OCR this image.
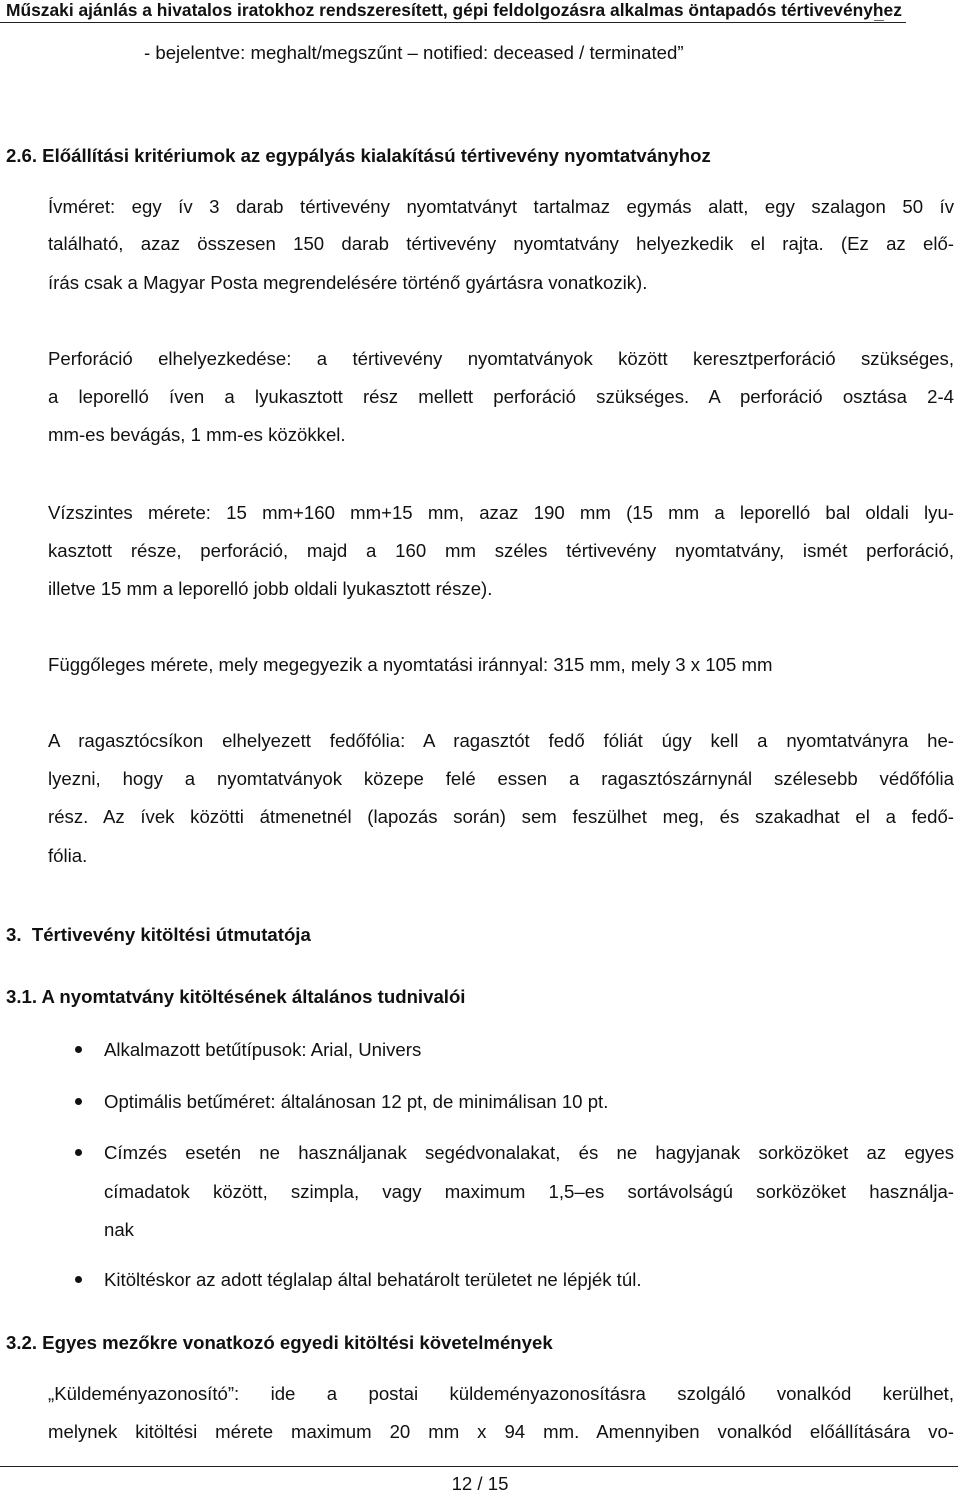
Műszaki ajánlás a hivatalos iratokhoz rendszeresített, gépi feldolgozásra alkalmas öntapadós tértivevényhez
- bejelentve: meghalt/megszűnt – notified: deceased / terminated”
2.6. Előállítási kritériumok az egypályás kialakítású tértivevény nyomtatványhoz
Ívméret: egy ív 3 darab tértivevény nyomtatványt tartalmaz egymás alatt, egy szalagon 50 ív
található, azaz összesen 150 darab tértivevény nyomtatvány helyezkedik el rajta. (Ez az elő-
írás csak a Magyar Posta megrendelésére történő gyártásra vonatkozik).
Perforáció elhelyezkedése: a tértivevény nyomtatványok között keresztperforáció szükséges,
a leporelló íven a lyukasztott rész mellett perforáció szükséges. A perforáció osztása 2-4
mm-es bevágás, 1 mm-es közökkel.
Vízszintes mérete: 15 mm+160 mm+15 mm, azaz 190 mm (15 mm a leporelló bal oldali lyu-
kasztott része, perforáció, majd a 160 mm széles tértivevény nyomtatvány, ismét perforáció,
illetve 15 mm a leporelló jobb oldali lyukasztott része).
Függőleges mérete, mely megegyezik a nyomtatási iránnyal: 315 mm, mely 3 x 105 mm
A ragasztócsíkon elhelyezett fedőfólia: A ragasztót fedő fóliát úgy kell a nyomtatványra he-
lyezni, hogy a nyomtatványok közepe felé essen a ragasztószárnynál szélesebb védőfólia
rész. Az ívek közötti átmenetnél (lapozás során) sem feszülhet meg, és szakadhat el a fedő-
fólia.
3.  Tértivevény kitöltési útmutatója
3.1. A nyomtatvány kitöltésének általános tudnivalói
Alkalmazott betűtípusok: Arial, Univers
Optimális betűméret: általánosan 12 pt, de minimálisan 10 pt.
Címzés esetén ne használjanak segédvonalakat, és ne hagyjanak sorközöket az egyes
címadatok között, szimpla, vagy maximum 1,5–es sortávolságú sorközöket használja-
nak
Kitöltéskor az adott téglalap által behatárolt területet ne lépjék túl.
3.2. Egyes mezőkre vonatkozó egyedi kitöltési követelmények
„Küldeményazonosító”: ide a postai küldeményazonosításra szolgáló vonalkód kerülhet,
melynek kitöltési mérete maximum 20 mm x 94 mm. Amennyiben vonalkód előállítására vo-
12 / 15
